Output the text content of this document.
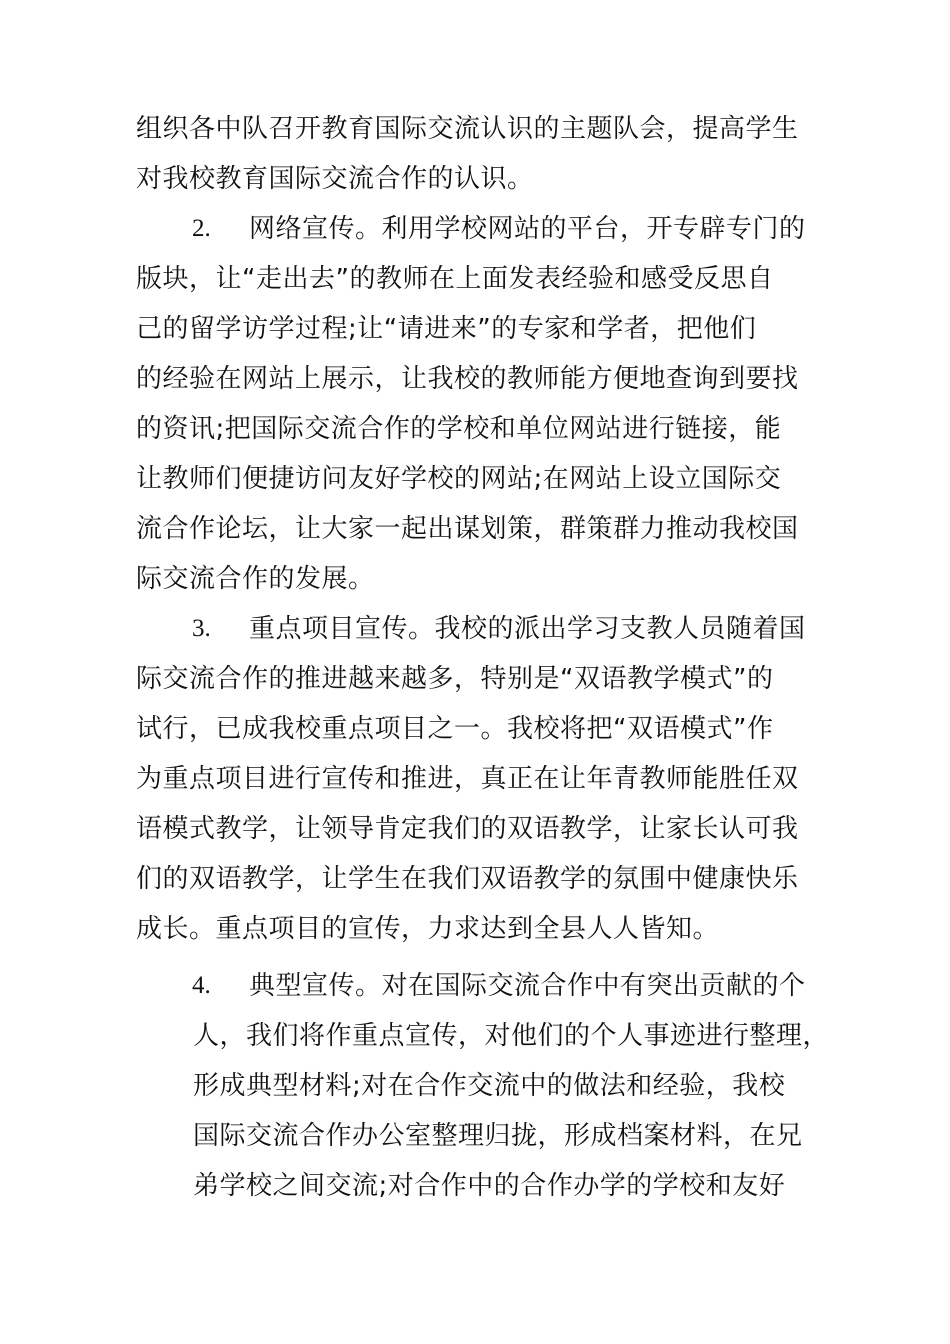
组织各中队召开教育国际交流认识的主题队会，提高学生
对我校教育国际交流合作的认识。
2. 网络宣传。利用学校网站的平台，开专辟专门的
版块，让“走出去”的教师在上面发表经验和感受反思自
己的留学访学过程;让“请进来”的专家和学者，把他们
的经验在网站上展示，让我校的教师能方便地查询到要找
的资讯;把国际交流合作的学校和单位网站进行链接，能
让教师们便捷访问友好学校的网站;在网站上设立国际交
流合作论坛，让大家一起出谋划策，群策群力推动我校国
际交流合作的发展。
3. 重点项目宣传。我校的派出学习支教人员随着国
际交流合作的推进越来越多，特别是“双语教学模式”的
试行，已成我校重点项目之一。我校将把“双语模式”作
为重点项目进行宣传和推进，真正在让年青教师能胜任双
语模式教学，让领导肯定我们的双语教学，让家长认可我
们的双语教学，让学生在我们双语教学的氛围中健康快乐
成长。重点项目的宣传，力求达到全县人人皆知。
4. 典型宣传。对在国际交流合作中有突出贡献的个
人，我们将作重点宣传，对他们的个人事迹进行整理，
形成典型材料;对在合作交流中的做法和经验，我校
国际交流合作办公室整理归拢，形成档案材料，在兄
弟学校之间交流;对合作中的合作办学的学校和友好
